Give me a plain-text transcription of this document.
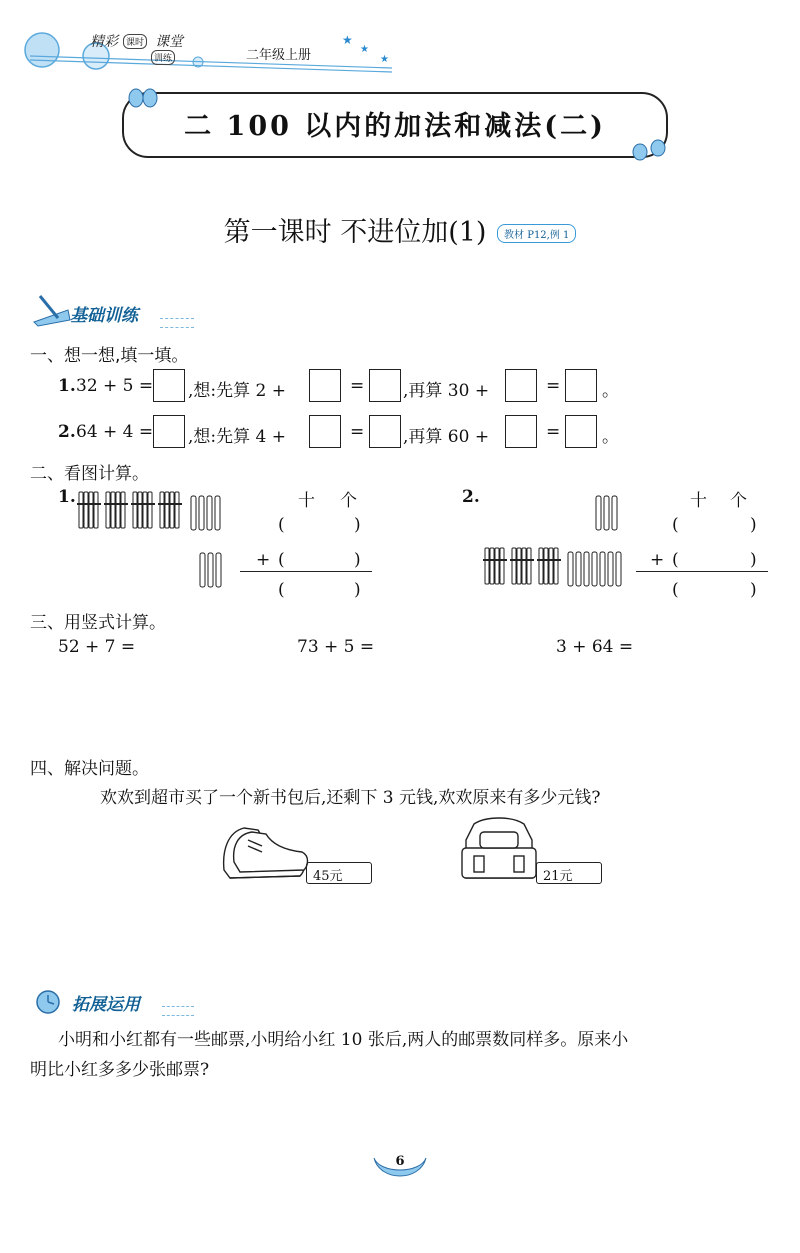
★
★
★
精彩 课时 课堂
训练	二年级上册
二 100 以内的加法和减法(二)
第一课时 不进位加(1) 教材 P12,例 1
基础训练
一、想一想,填一填。
1. 32 + 5 = ,想:先算 2 +	= ,再算 30 +	= 。
2. 64 + 4 = ,想:先算 4 +	= ,再算 60 +	= 。
二、看图计算。
1.	十 个
(	)
+ (	)
(	)
2.	十 个
(	)
+ (	)
(	)
三、用竖式计算。
52 + 7 =	73 + 5 =	3 + 64 =
四、解决问题。
欢欢到超市买了一个新书包后,还剩下 3 元钱,欢欢原来有多少元钱?
45元	21元
拓展运用
小明和小红都有一些邮票,小明给小红 10 张后,两人的邮票数同样多。原来小
明比小红多多少张邮票?
6
